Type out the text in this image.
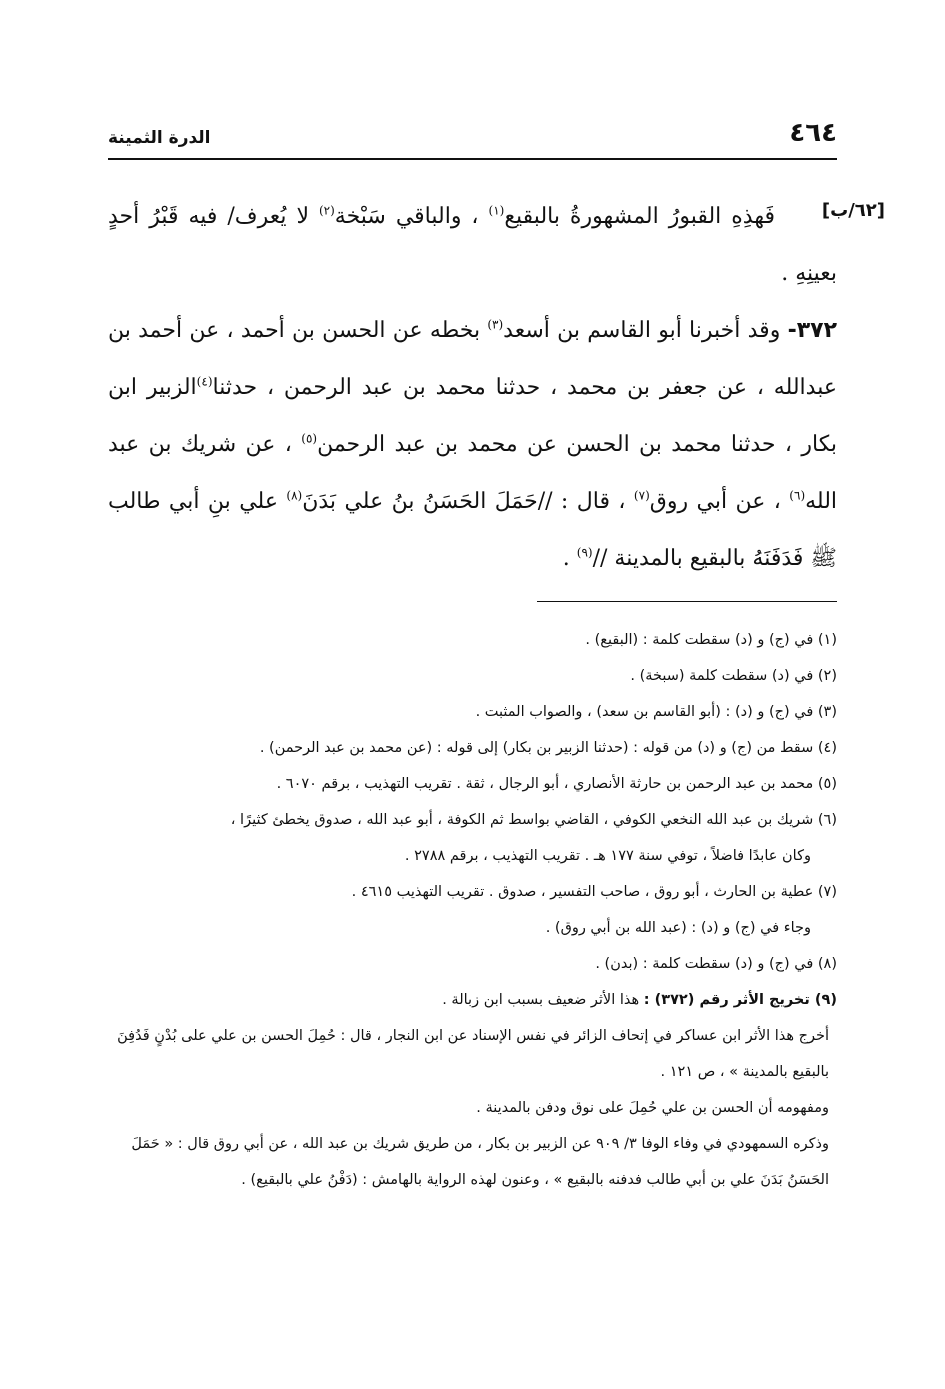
٤٦٤
الدرة الثمينة
[٦٢/ب]

فَهذِهِ القبورُ المشهورةُ بالبقيع$^{(١)}$ ، والباقي سَبْخة$^{(٢)}$ لا يُعرف/ فيه قَبْرُ أحدٍ بعينِهِ .

٣٧٢- وقد أخبرنا أبو القاسم بن أسعد$^{(٣)}$ بخطه عن الحسن بن أحمد ، عن أحمد بن عبدالله ، عن جعفر بن محمد ، حدثنا محمد بن عبد الرحمن ، حدثنا$^{(٤)}$الزبير ابن بكار ، حدثنا محمد بن الحسن عن محمد بن عبد الرحمن$^{(٥)}$ ، عن شريك بن عبد الله$^{(٦)}$ ، عن أبي روق$^{(٧)}$ ، قال : //حَمَلَ الحَسَنُ بنُ علي بَدَنَ$^{(٨)}$ علي بنِ أبي طالب ﷺ فَدَفَنَهُ بالبقيع بالمدينة //$^{(٩)}$ .

(١) في (ج) و (د) سقطت كلمة : (البقيع) .

(٢) في (د) سقطت كلمة (سبخة) .

(٣) في (ج) و (د) : (أبو القاسم بن سعد) ، والصواب المثبت .

(٤) سقط من (ج) و (د) من قوله : (حدثنا الزبير بن بكار) إلى قوله : (عن محمد بن عبد الرحمن) .

(٥) محمد بن عبد الرحمن بن حارثة الأنصاري ، أبو الرجال ، ثقة . تقريب التهذيب ، برقم ٦٠٧٠ .

(٦) شريك بن عبد الله النخعي الكوفي ، القاضي بواسط ثم الكوفة ، أبو عبد الله ، صدوق يخطئ كثيرًا ،

وكان عابدًا فاضلاً ، توفي سنة ١٧٧ هـ . تقريب التهذيب ، برقم ٢٧٨٨ .

(٧) عطية بن الحارث ، أبو روق ، صاحب التفسير ، صدوق . تقريب التهذيب ٤٦١٥ .

وجاء في (ج) و (د) : (عبد الله بن أبي روق) .

(٨) في (ج) و (د) سقطت كلمة : (بدن) .

(٩) تخريج الأثر رقم (٣٧٢) : هذا الأثر ضعيف بسبب ابن زبالة .

أخرج هذا الأثر ابن عساكر في إتحاف الزائر في نفس الإسناد عن ابن النجار ، قال : حُمِلَ الحسن بن علي على بُدْنٍ فَدُفِنَ بالبقيع بالمدينة » ، ص ١٢١ .

ومفهومه أن الحسن بن علي حُمِلَ على نوق ودفن بالمدينة .

وذكره السمهودي في وفاء الوفا ٣/ ٩٠٩ عن الزبير بن بكار ، من طريق شريك بن عبد الله ، عن أبي روق قال : « حَمَلَ الحَسَنُ بَدَنَ علي بن أبي طالب فدفنه بالبقيع » ، وعنون لهذه الرواية بالهامش : (دَفْنُ علي بالبقيع) .
